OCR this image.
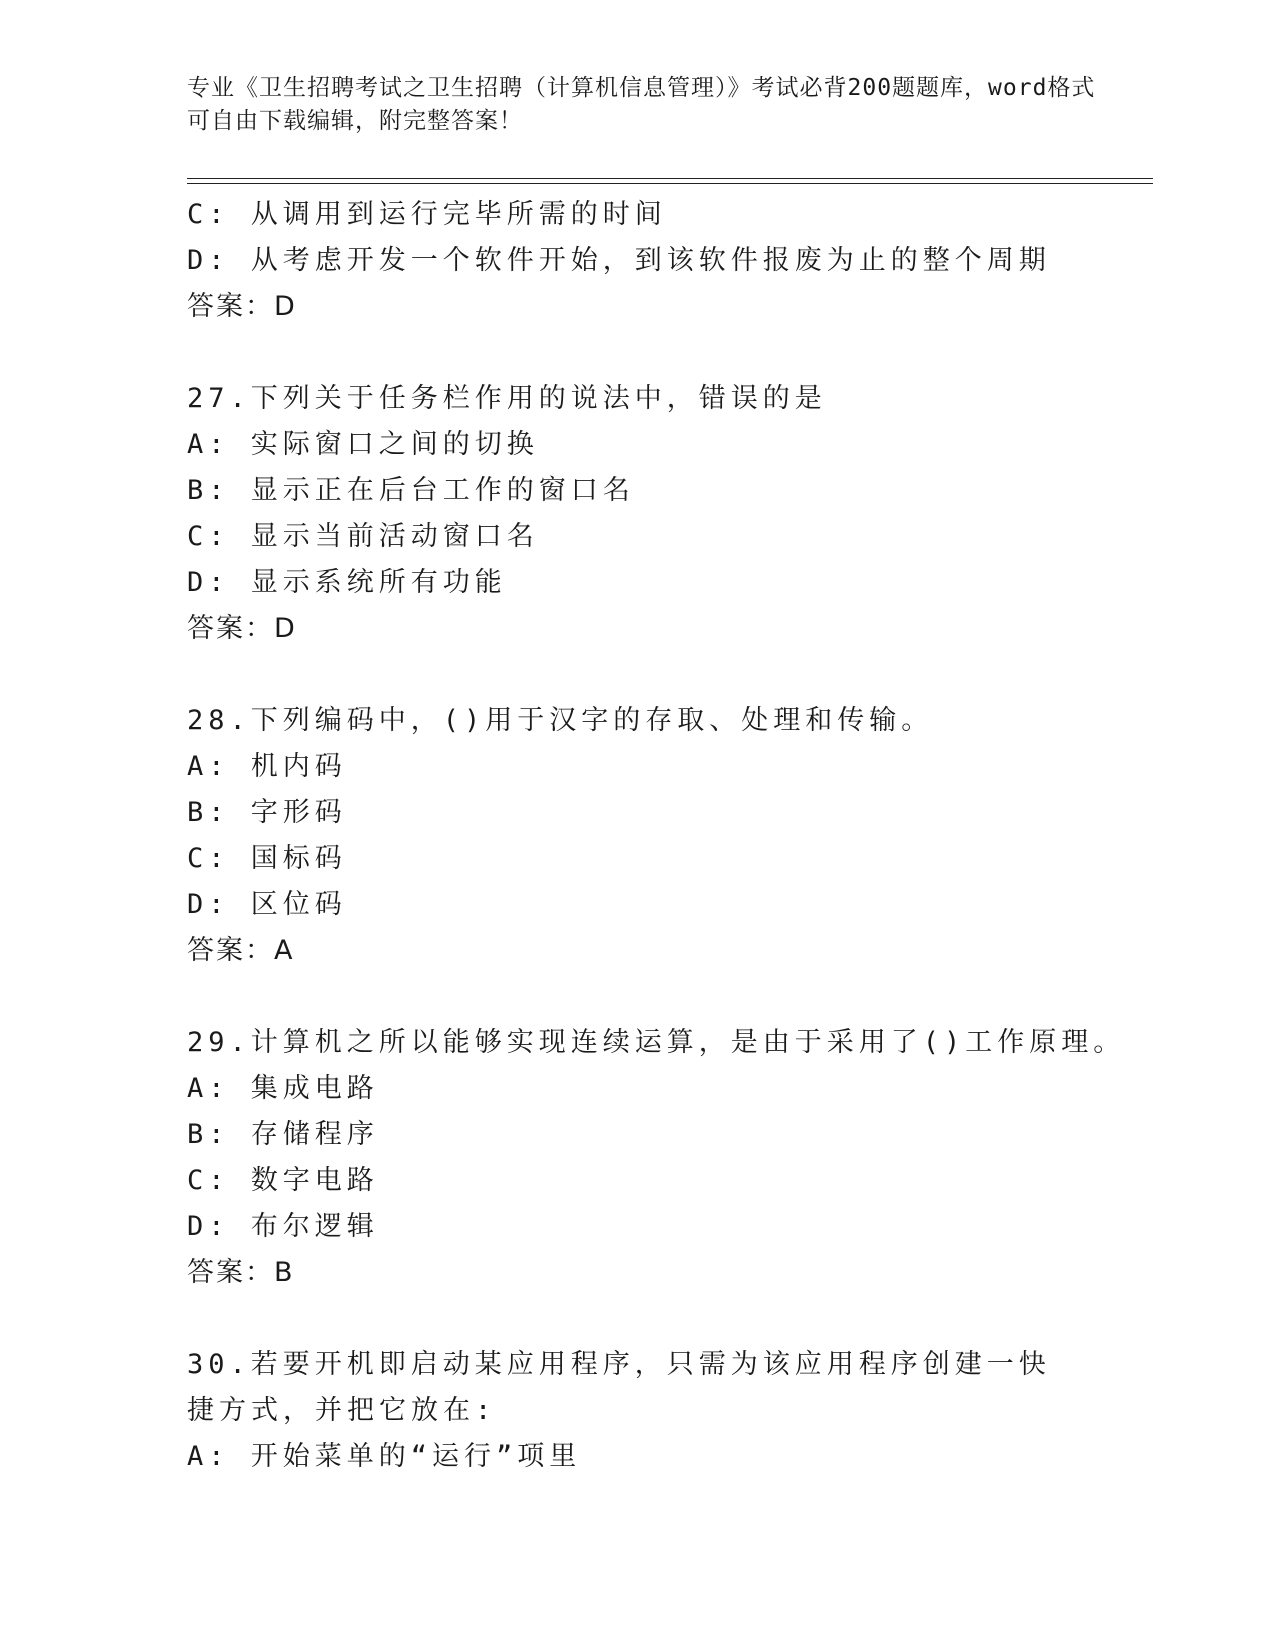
专业《卫生招聘考试之卫生招聘（计算机信息管理）》考试必背200题题库，word格式可自由下载编辑，附完整答案！
C: 从调用到运行完毕所需的时间
D: 从考虑开发一个软件开始，到该软件报废为止的整个周期
答案：D
27.下列关于任务栏作用的说法中，错误的是
A: 实际窗口之间的切换
B: 显示正在后台工作的窗口名
C: 显示当前活动窗口名
D: 显示系统所有功能
答案：D
28.下列编码中，()用于汉字的存取、处理和传输。
A: 机内码
B: 字形码
C: 国标码
D: 区位码
答案：A
29.计算机之所以能够实现连续运算，是由于采用了()工作原理。
A: 集成电路
B: 存储程序
C: 数字电路
D: 布尔逻辑
答案：B
30.若要开机即启动某应用程序，只需为该应用程序创建一快捷方式，并把它放在:
A: 开始菜单的“运行”项里
